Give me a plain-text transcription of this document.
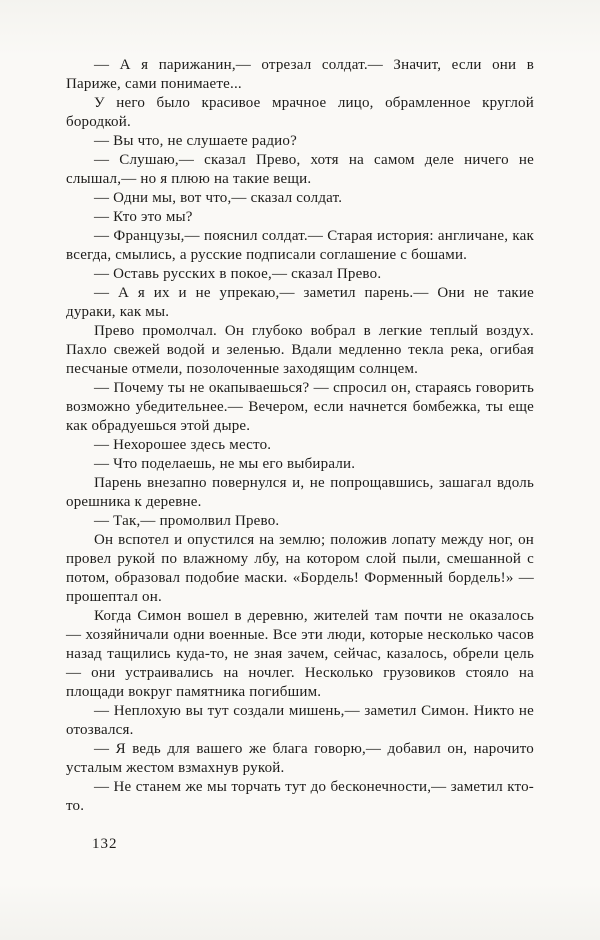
— А я парижанин,— отрезал солдат.— Значит, если они в Париже, сами понимаете...

У него было красивое мрачное лицо, обрамленное круглой бородкой.

— Вы что, не слушаете радио?

— Слушаю,— сказал Прево, хотя на самом деле ничего не слышал,— но я плюю на такие вещи.

— Одни мы, вот что,— сказал солдат.

— Кто это мы?

— Французы,— пояснил солдат.— Старая история: англичане, как всегда, смылись, а русские подписали соглашение с бошами.

— Оставь русских в покое,— сказал Прево.

— А я их и не упрекаю,— заметил парень.— Они не такие дураки, как мы.

Прево промолчал. Он глубоко вобрал в легкие теплый воздух. Пахло свежей водой и зеленью. Вдали медленно текла река, огибая песчаные отмели, позолоченные заходящим солнцем.

— Почему ты не окапываешься? — спросил он, стараясь говорить возможно убедительнее.— Вечером, если начнется бомбежка, ты еще как обрадуешься этой дыре.

— Нехорошее здесь место.

— Что поделаешь, не мы его выбирали.

Парень внезапно повернулся и, не попрощавшись, зашагал вдоль орешника к деревне.

— Так,— промолвил Прево.

Он вспотел и опустился на землю; положив лопату между ног, он провел рукой по влажному лбу, на котором слой пыли, смешанной с потом, образовал подобие маски. «Бордель! Форменный бордель!» — прошептал он.

Когда Симон вошел в деревню, жителей там почти не оказалось — хозяйничали одни военные. Все эти люди, которые несколько часов назад тащились куда-то, не зная зачем, сейчас, казалось, обрели цель — они устраивались на ночлег. Несколько грузовиков стояло на площади вокруг памятника погибшим.

— Неплохую вы тут создали мишень,— заметил Симон. Никто не отозвался.

— Я ведь для вашего же блага говорю,— добавил он, нарочито усталым жестом взмахнув рукой.

— Не станем же мы торчать тут до бесконечности,— заметил кто-то.

132
